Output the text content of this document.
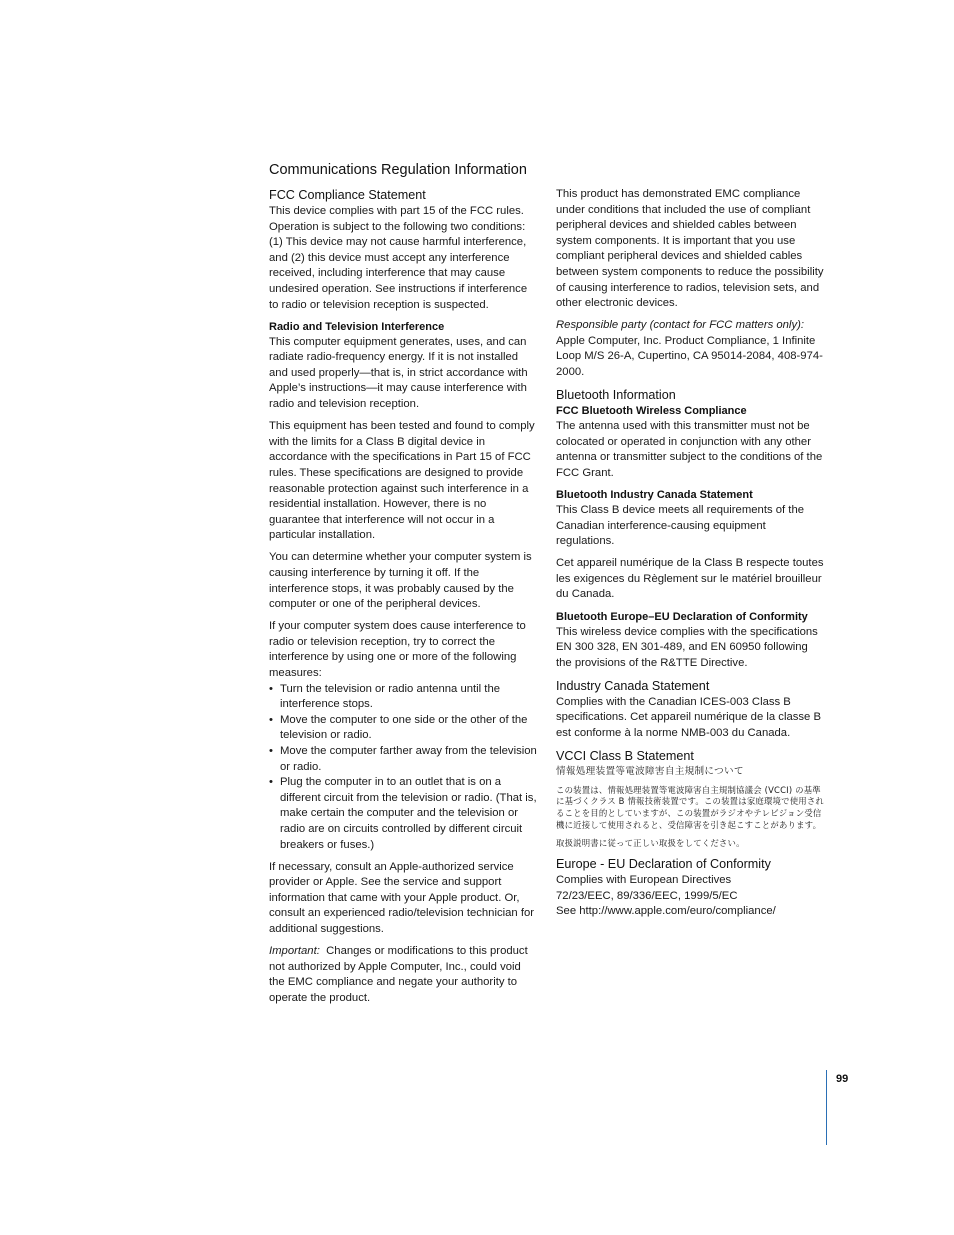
Communications Regulation Information
FCC Compliance Statement

This device complies with part 15 of the FCC rules. Operation is subject to the following two conditions: (1) This device may not cause harmful interference, and (2) this device must accept any interference received, including interference that may cause undesired operation. See instructions if interference to radio or television reception is suspected.

Radio and Television Interference

This computer equipment generates, uses, and can radiate radio-frequency energy. If it is not installed and used properly—that is, in strict accordance with Apple’s instructions—it may cause interference with radio and television reception.

This equipment has been tested and found to comply with the limits for a Class B digital device in accordance with the specifications in Part 15 of FCC rules. These specifications are designed to provide reasonable protection against such interference in a residential installation. However, there is no guarantee that interference will not occur in a particular installation.

You can determine whether your computer system is causing interference by turning it off. If the interference stops, it was probably caused by the computer or one of the peripheral devices.

If your computer system does cause interference to radio or television reception, try to correct the interference by using one or more of the following measures:

• Turn the television or radio antenna until the interference stops.
• Move the computer to one side or the other of the television or radio.
• Move the computer farther away from the television or radio.
• Plug the computer in to an outlet that is on a different circuit from the television or radio. (That is, make certain the computer and the television or radio are on circuits controlled by different circuit breakers or fuses.)

If necessary, consult an Apple-authorized service provider or Apple. See the service and support information that came with your Apple product. Or, consult an experienced radio/television technician for additional suggestions.

Important: Changes or modifications to this product not authorized by Apple Computer, Inc., could void the EMC compliance and negate your authority to operate the product.

This product has demonstrated EMC compliance under conditions that included the use of compliant peripheral devices and shielded cables between system components. It is important that you use compliant peripheral devices and shielded cables between system components to reduce the possibility of causing interference to radios, television sets, and other electronic devices.

Responsible party (contact for FCC matters only):  Apple Computer, Inc. Product Compliance, 1 Infinite Loop M/S 26-A, Cupertino, CA 95014-2084, 408-974-2000.

Bluetooth Information
FCC Bluetooth Wireless Compliance

The antenna used with this transmitter must not be colocated or operated in conjunction with any other antenna or transmitter subject to the conditions of the FCC Grant.

Bluetooth Industry Canada Statement

This Class B device meets all requirements of the Canadian interference-causing equipment regulations.

Cet appareil numérique de la Class B respecte toutes les exigences du Règlement sur le matériel brouilleur du Canada.

Bluetooth Europe–EU Declaration of Conformity

This wireless device complies with the specifications EN 300 328, EN 301-489, and EN 60950 following the provisions of the R&TTE Directive.

Industry Canada Statement

Complies with the Canadian ICES-003 Class B specifications. Cet appareil numérique de la classe B est conforme à la norme NMB-003 du Canada.

VCCI Class B Statement

情報処理装置等電波障害自主規制について

この装置は、情報処理装置等電波障害自主規制協議会 (VCCI) の基準に基づくクラス B 情報技術装置です。この装置は家庭環境で使用されることを目的としていますが、この装置がラジオやテレビジョン受信機に近接して使用されると、受信障害を引き起こすことがあります。

取扱説明書に従って正しい取扱をしてください。

Europe - EU Declaration of Conformity
Complies with European Directives
72/23/EEC, 89/336/EEC, 1999/5/EC
See http://www.apple.com/euro/compliance/
99
